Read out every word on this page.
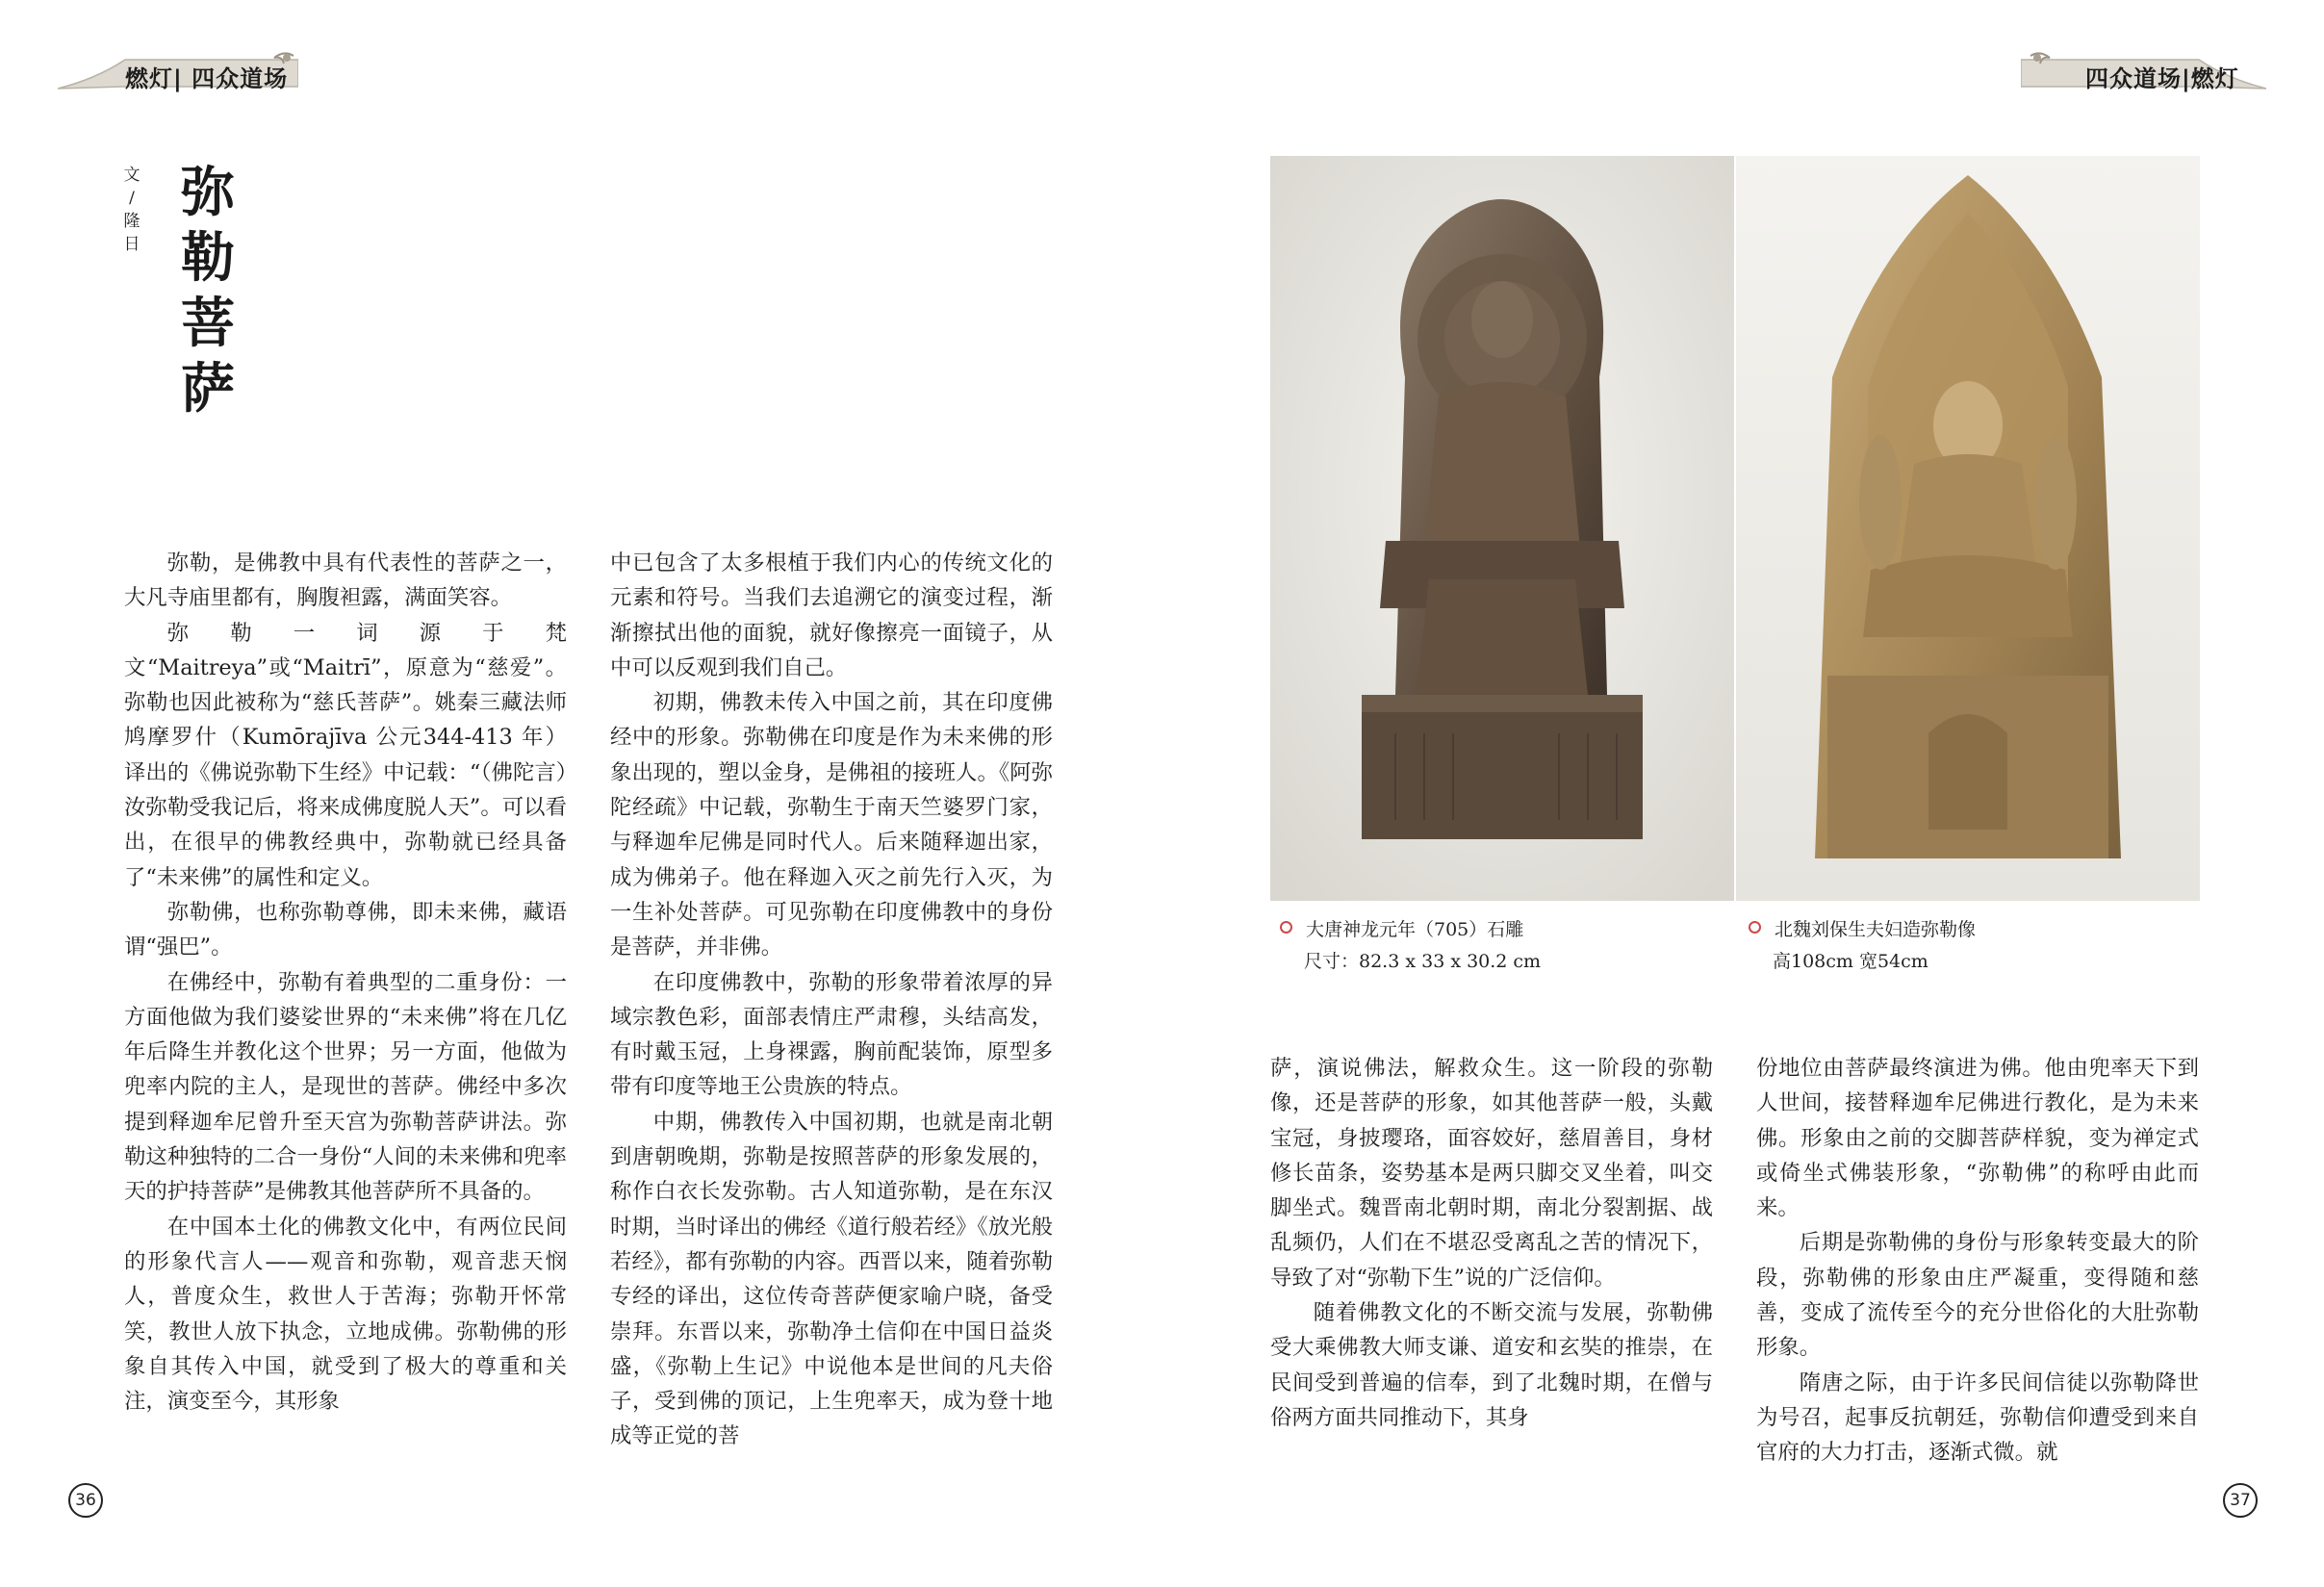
燃灯| 四众道场	四众道场|燃灯
文
/
隆
日
弥
勒
菩
萨

弥勒，是佛教中具有代表性的菩萨之一，大凡寺庙里都有，胸腹袒露，满面笑容。

弥勒一词源于梵文“Maitreya”或“Maitrī”，原意为“慈爱”。弥勒也因此被称为“慈氏菩萨”。姚秦三藏法师鸠摩罗什（Kumōrajīva 公元344-413 年）译出的《佛说弥勒下生经》中记载：“（佛陀言）汝弥勒受我记后，将来成佛度脱人天”。可以看出，在很早的佛教经典中，弥勒就已经具备了“未来佛”的属性和定义。

弥勒佛，也称弥勒尊佛，即未来佛，藏语谓“强巴”。

在佛经中，弥勒有着典型的二重身份：一方面他做为我们婆娑世界的“未来佛”将在几亿年后降生并教化这个世界；另一方面，他做为兜率内院的主人，是现世的菩萨。佛经中多次提到释迦牟尼曾升至天宫为弥勒菩萨讲法。弥勒这种独特的二合一身份“人间的未来佛和兜率天的护持菩萨”是佛教其他菩萨所不具备的。

在中国本土化的佛教文化中，有两位民间的形象代言人——观音和弥勒，观音悲天悯人，普度众生，救世人于苦海；弥勒开怀常笑，教世人放下执念，立地成佛。弥勒佛的形象自其传入中国，就受到了极大的尊重和关注，演变至今，其形象

中已包含了太多根植于我们内心的传统文化的元素和符号。当我们去追溯它的演变过程，渐渐擦拭出他的面貌，就好像擦亮一面镜子，从中可以反观到我们自己。

初期，佛教未传入中国之前，其在印度佛经中的形象。弥勒佛在印度是作为未来佛的形象出现的，塑以金身，是佛祖的接班人。《阿弥陀经疏》中记载，弥勒生于南天竺婆罗门家，与释迦牟尼佛是同时代人。后来随释迦出家，成为佛弟子。他在释迦入灭之前先行入灭，为一生补处菩萨。可见弥勒在印度佛教中的身份是菩萨，并非佛。

在印度佛教中，弥勒的形象带着浓厚的异域宗教色彩，面部表情庄严肃穆，头结高发，有时戴玉冠，上身裸露，胸前配装饰，原型多带有印度等地王公贵族的特点。

中期，佛教传入中国初期，也就是南北朝到唐朝晚期，弥勒是按照菩萨的形象发展的，称作白衣长发弥勒。古人知道弥勒，是在东汉时期，当时译出的佛经《道行般若经》《放光般若经》，都有弥勒的内容。西晋以来，随着弥勒专经的译出，这位传奇菩萨便家喻户晓，备受崇拜。东晋以来，弥勒净土信仰在中国日益炎盛，《弥勒上生记》中说他本是世间的凡夫俗子，受到佛的顶记，上生兜率天，成为登十地成等正觉的菩

萨，演说佛法，解救众生。这一阶段的弥勒像，还是菩萨的形象，如其他菩萨一般，头戴宝冠，身披璎珞，面容姣好，慈眉善目，身材修长苗条，姿势基本是两只脚交叉坐着，叫交脚坐式。魏晋南北朝时期，南北分裂割据、战乱频仍，人们在不堪忍受离乱之苦的情况下，导致了对“弥勒下生”说的广泛信仰。

随着佛教文化的不断交流与发展，弥勒佛受大乘佛教大师支谦、道安和玄奘的推崇，在民间受到普遍的信奉，到了北魏时期，在僧与俗两方面共同推动下，其身

份地位由菩萨最终演进为佛。他由兜率天下到人世间，接替释迦牟尼佛进行教化，是为未来佛。形象由之前的交脚菩萨样貌，变为禅定式或倚坐式佛装形象，“弥勒佛”的称呼由此而来。

后期是弥勒佛的身份与形象转变最大的阶段，弥勒佛的形象由庄严凝重，变得随和慈善，变成了流传至今的充分世俗化的大肚弥勒形象。

隋唐之际，由于许多民间信徒以弥勒降世为号召，起事反抗朝廷，弥勒信仰遭受到来自官府的大力打击，逐渐式微。就

大唐神龙元年（705）石雕
尺寸：82.3 x 33 x 30.2 cm
北魏刘保生夫妇造弥勒像
高108cm 宽54cm
36	37
